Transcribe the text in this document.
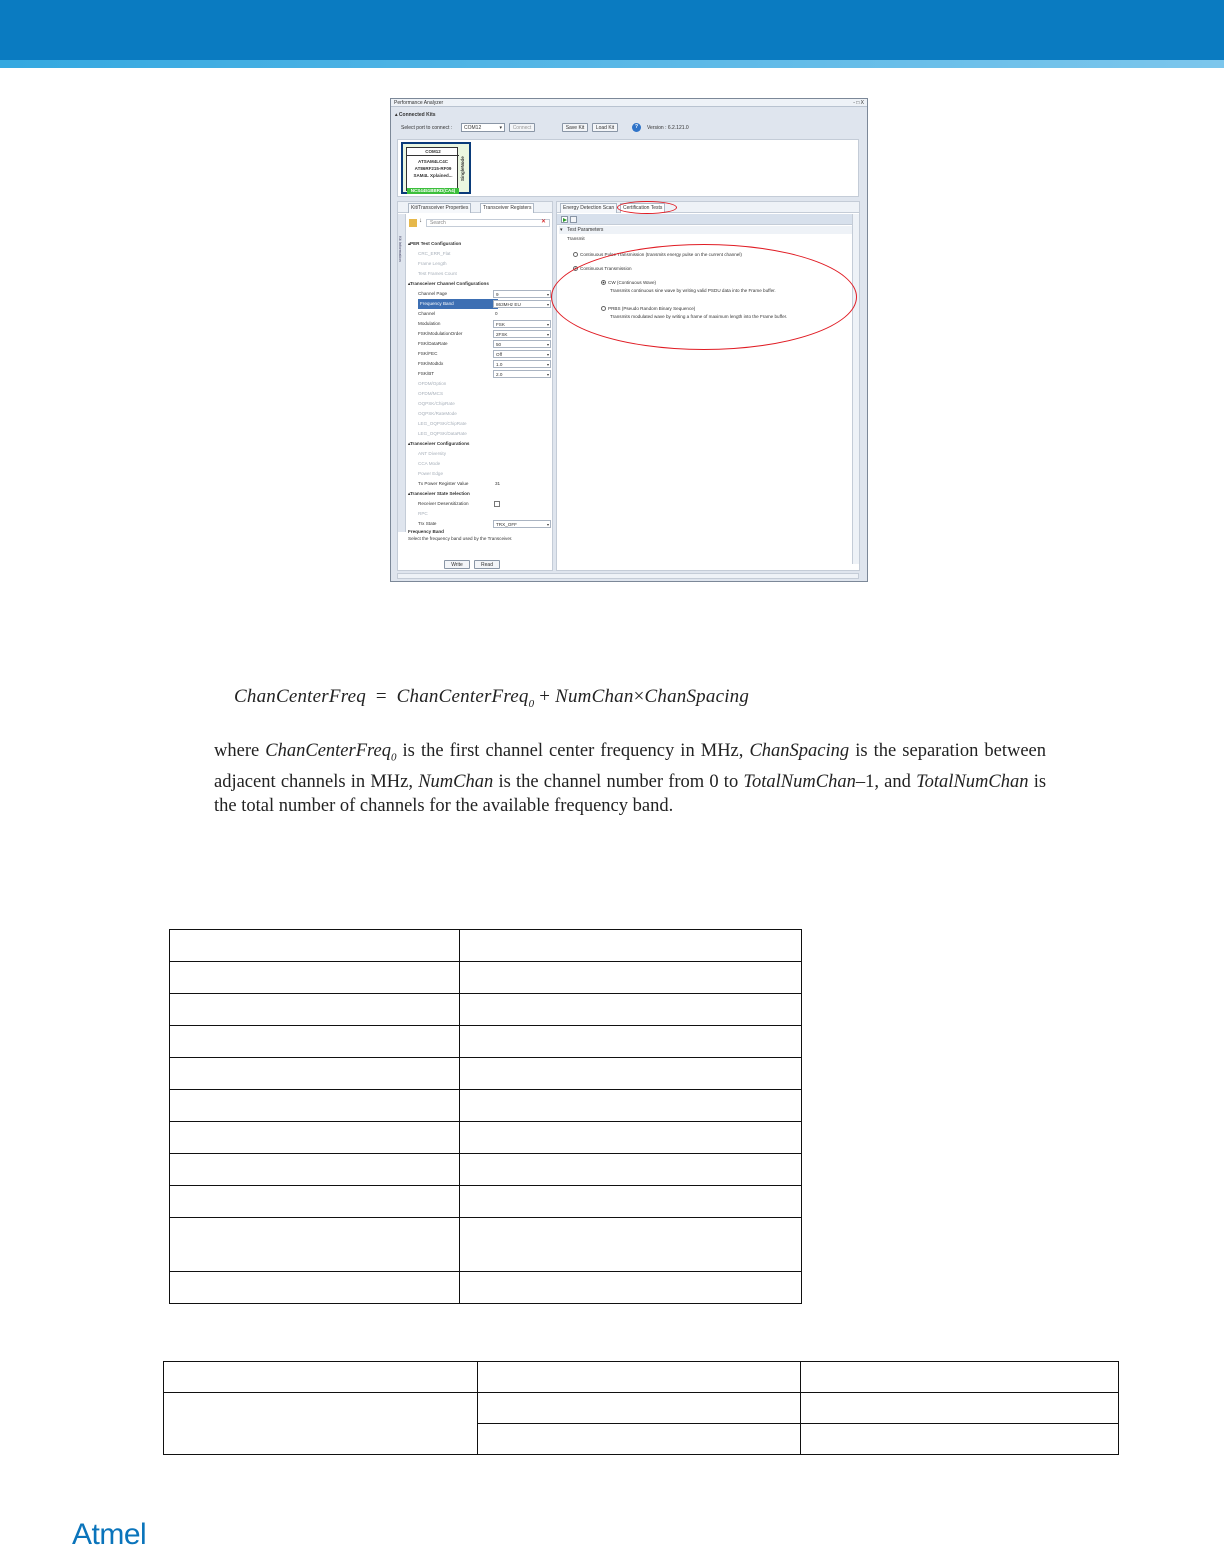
Performance Analyzer	- □ X
▴ Connected Kits
Select port to connect :	COM12	▾	Connect	Save Kit	Load Kit	?	Version : 6.2.121.0
COM12
ATSAM4LC4C
AT86RF215-RF09
SAM4L Xplained...
NCS4451BBRD(CA4)
SingleNode
Kit/Transceiver Properties	Transceiver Registers
Kit Information
↓	Search	✕
▴ PER Test Configuration
CRC_ERR_Flat
Frame Length
Test Frames Count
▴ Transceiver Channel Configurations
Channel Page	9	▾
Frequency Band	863MHz EU	▾
Channel	0
Modulation	FSK	▾
FSK/ModulationOrder	2FSK	▾
FSK/DataRate	50	▾
FSK/FEC	Off	▾
FSK/ModIdx	1.0	▾
FSK/BT	2.0	▾
OFDM/Option
OFDM/MCS
OQPSK/ChipRate
OQPSK/RateMode
LEG_OQPSK/ChipRate
LEG_OQPSK/DataRate
▴ Transceiver Configurations
ANT Diversity
CCA Mode
Power Edge
Tx Power Register Value	31
▴ Transceiver State Selection
Receiver Desensitization
RPC
Trx State	TRX_OFF	▾
Frequency Band
Select the frequency band used by the Transceiver.
Write	Read
Energy Detection Scan	Certification Tests
▾ Test Parameters
Transmit
Continuous Pulse Transmission (transmits energy pulse on the current channel)
Continuous Transmission
CW (Continuous Wave)
Transmits continuous sine wave by writing valid PSDU data into the Frame buffer.
PRBS (Pseudo Random Binary Sequence)
Transmits modulated wave by writing a frame of maximum length into the Frame buffer.
ChanCenterFreq = ChanCenterFreq$_0$ + NumChan×ChanSpacing
where ChanCenterFreq$_0$ is the first channel center frequency in MHz, ChanSpacing is the separation between adjacent channels in MHz, NumChan is the channel number from 0 to TotalNumChan–1, and TotalNumChan is the total number of channels for the available frequency band.

Atmel
